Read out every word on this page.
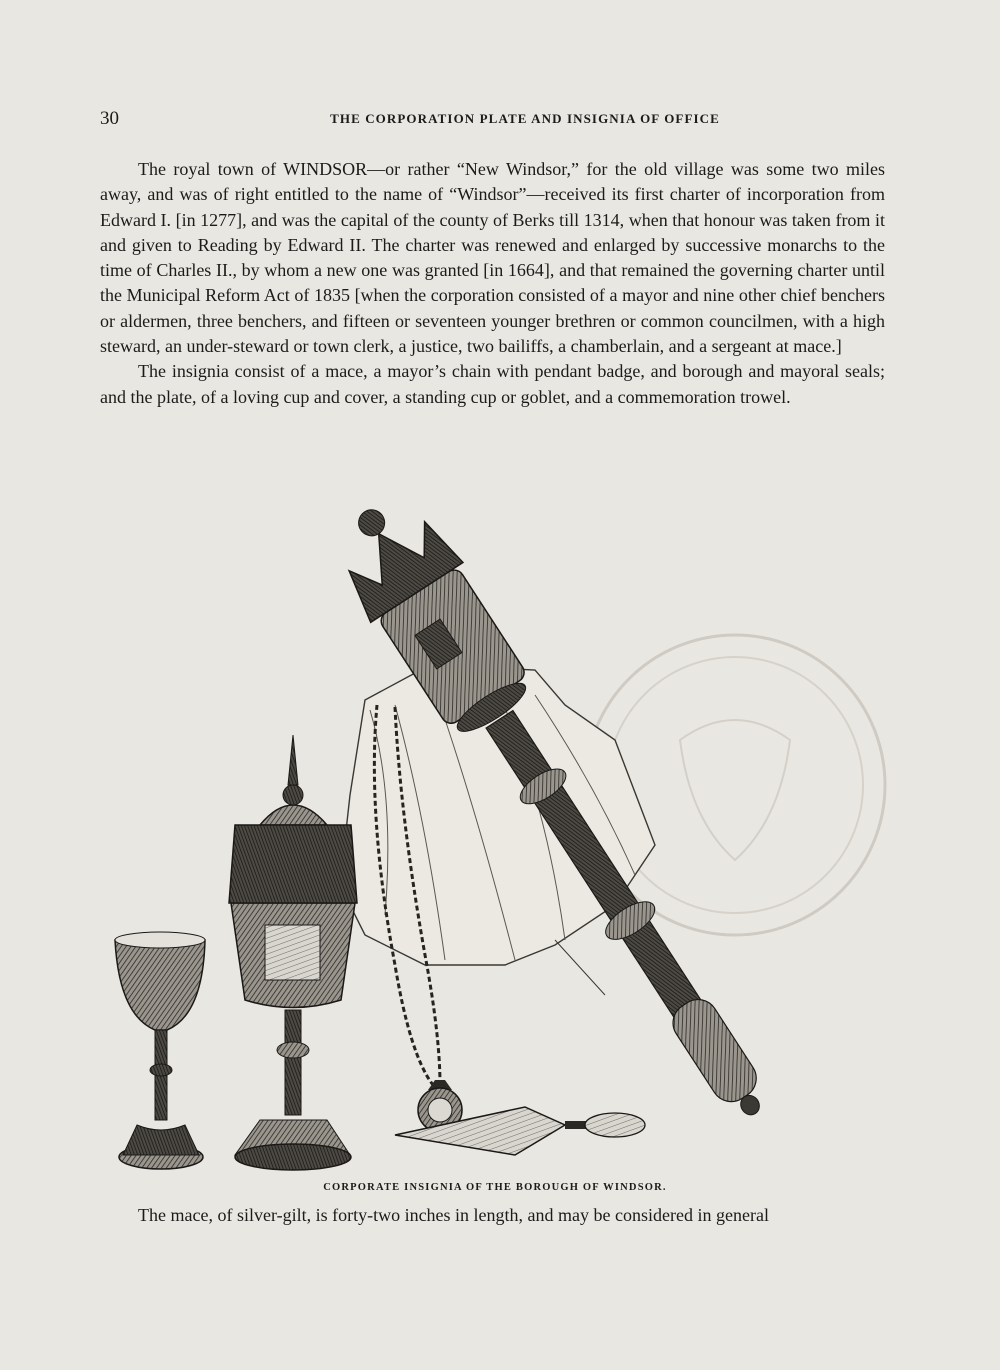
30	THE CORPORATION PLATE AND INSIGNIA OF OFFICE

The royal town of WINDSOR—or rather “New Windsor,” for the old village was some two miles away, and was of right entitled to the name of “Windsor”—received its first charter of incorporation from Edward I. [in 1277], and was the capital of the county of Berks till 1314, when that honour was taken from it and given to Reading by Edward II. The charter was renewed and enlarged by successive monarchs to the time of Charles II., by whom a new one was granted [in 1664], and that remained the governing charter until the Municipal Reform Act of 1835 [when the corporation consisted of a mayor and nine other chief benchers or aldermen, three benchers, and fifteen or seventeen younger brethren or common councilmen, with a high steward, an under-steward or town clerk, a justice, two bailiffs, a chamberlain, and a sergeant at mace.]

The insignia consist of a mace, a mayor’s chain with pendant badge, and borough and mayoral seals; and the plate, of a loving cup and cover, a standing cup or goblet, and a commemoration trowel.

CORPORATE INSIGNIA OF THE BOROUGH OF WINDSOR.
The mace, of silver-gilt, is forty-two inches in length, and may be considered in general
